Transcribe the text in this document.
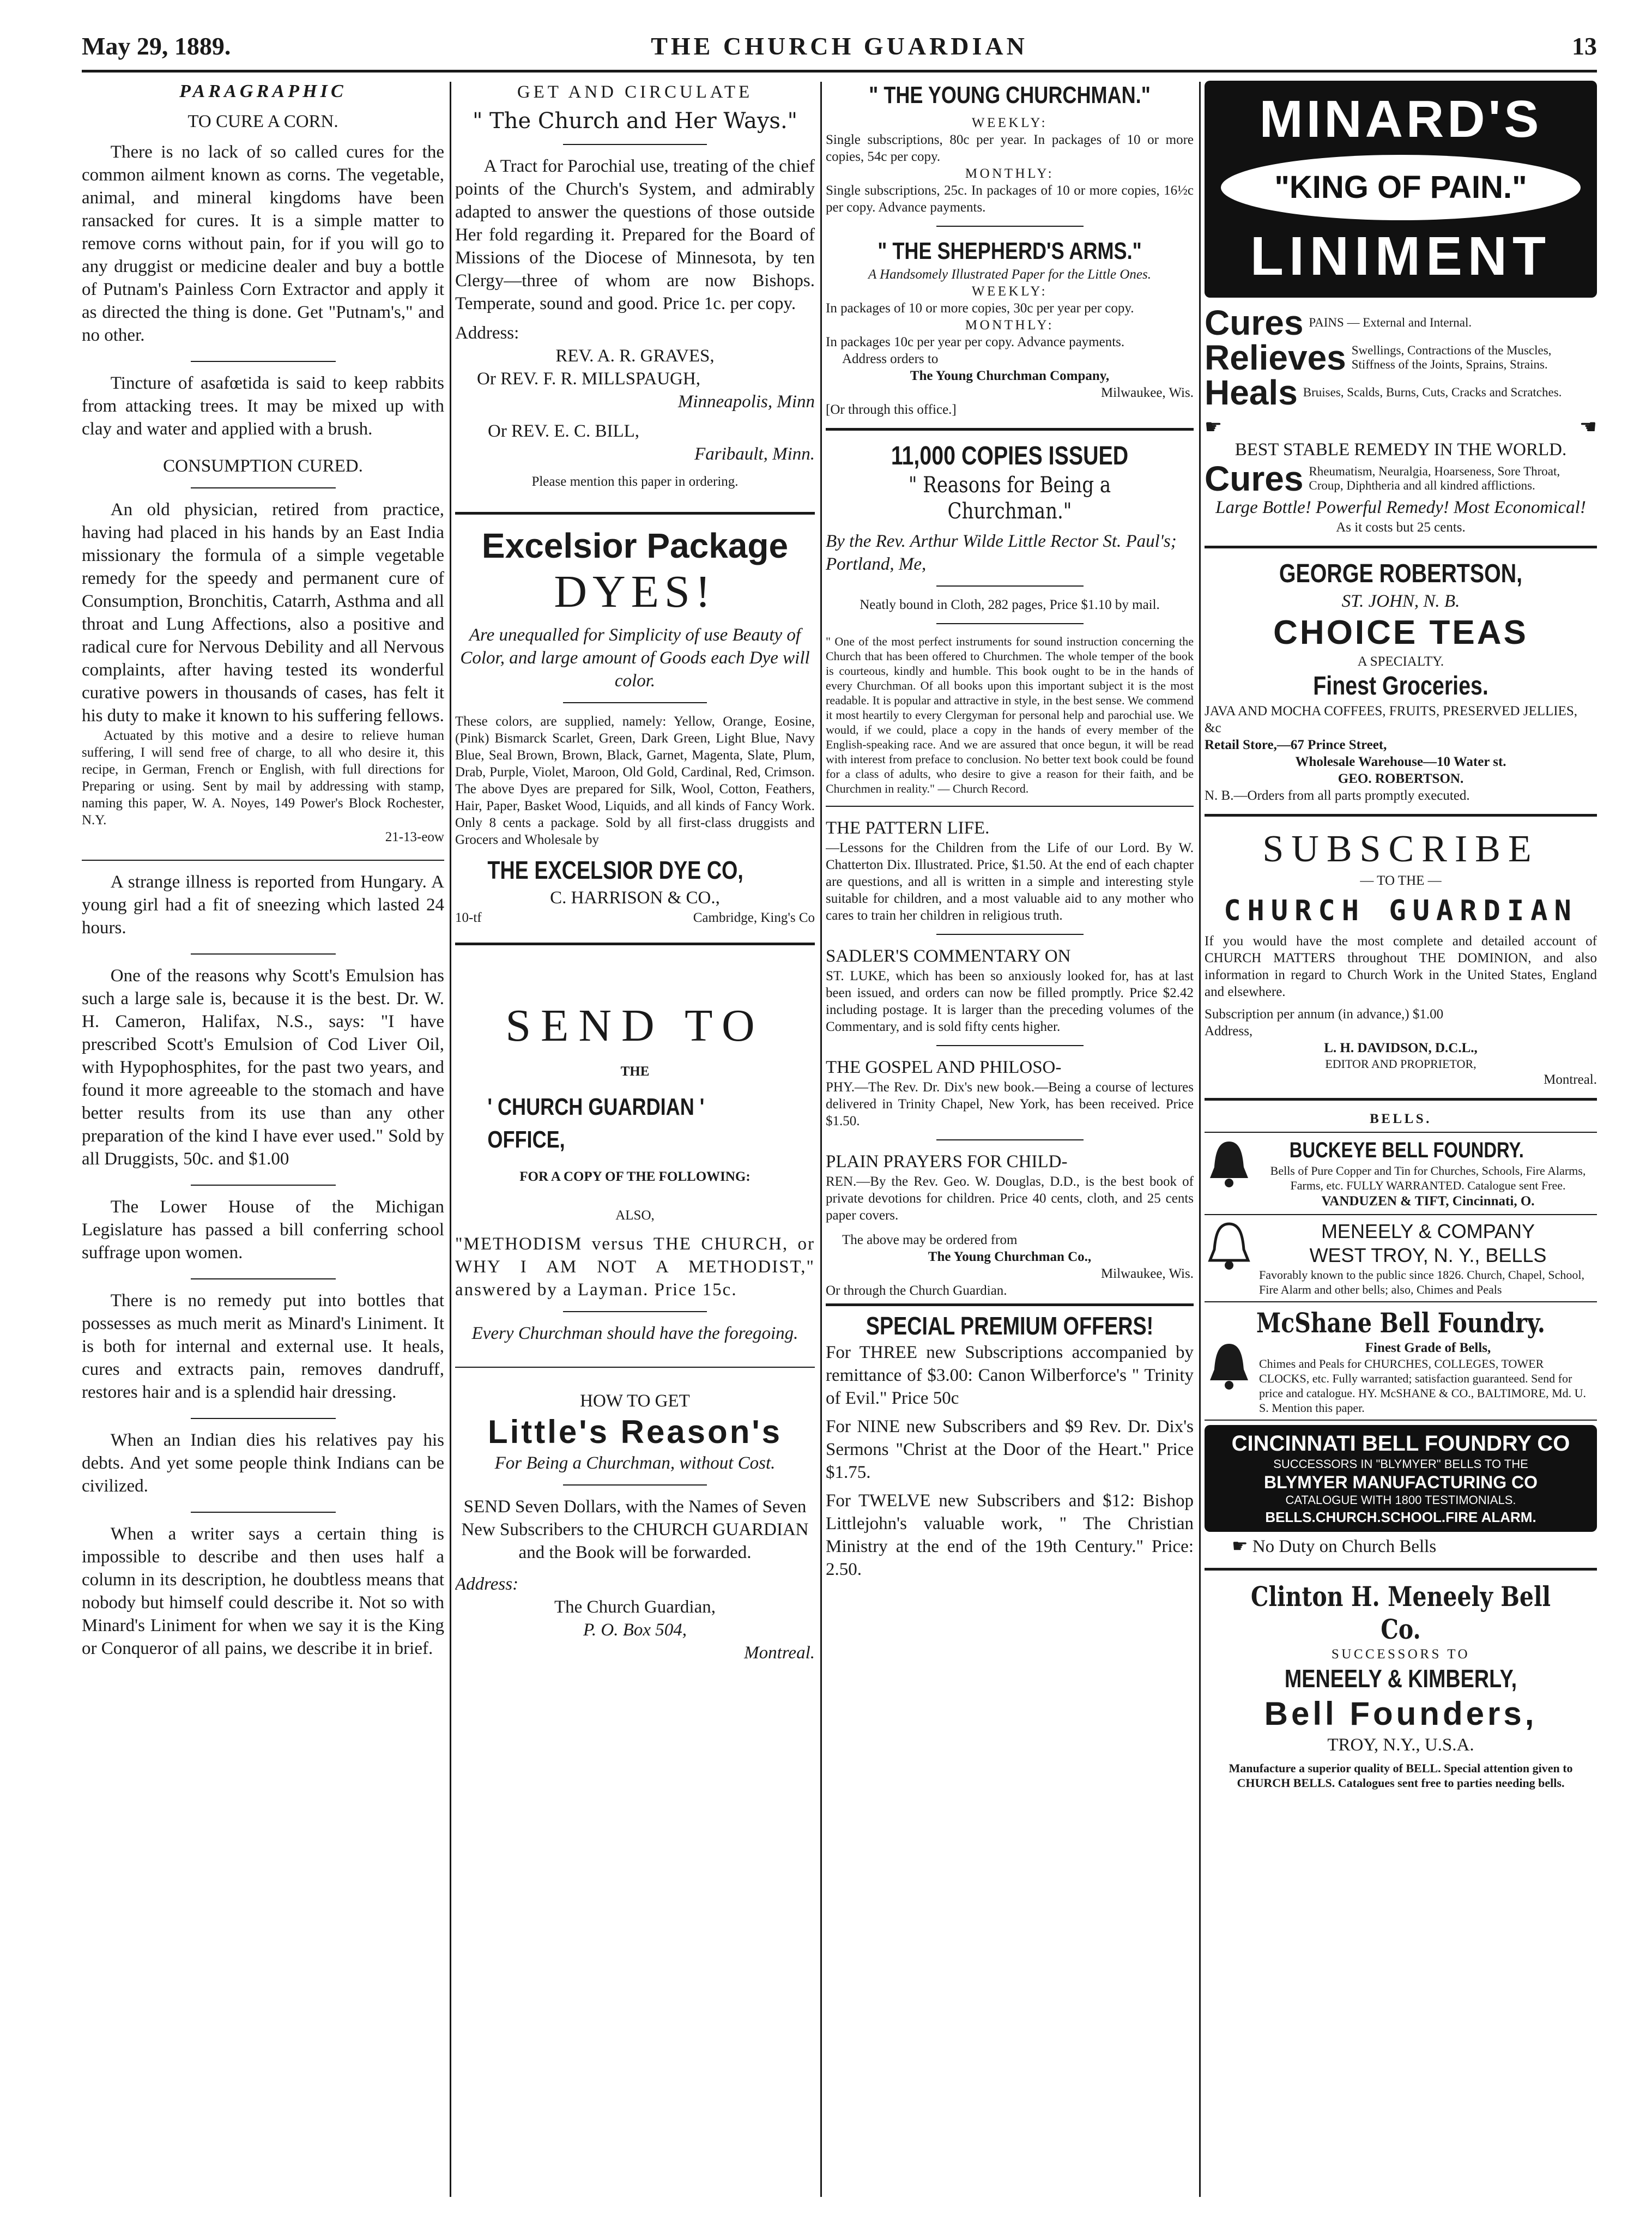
May 29, 1889.	THE CHURCH GUARDIAN	13
PARAGRAPHIC
TO CURE A CORN.
There is no lack of so called cures for the common ailment known as corns. The vegetable, animal, and mineral kingdoms have been ransacked for cures. It is a simple matter to remove corns without pain, for if you will go to any druggist or medicine dealer and buy a bottle of Putnam's Painless Corn Extractor and apply it as directed the thing is done. Get "Putnam's," and no other.
Tincture of asafœtida is said to keep rabbits from attacking trees. It may be mixed up with clay and water and applied with a brush.
CONSUMPTION CURED.
An old physician, retired from practice, having had placed in his hands by an East India missionary the formula of a simple vegetable remedy for the speedy and permanent cure of Consumption, Bronchitis, Catarrh, Asthma and all throat and Lung Affections, also a positive and radical cure for Nervous Debility and all Nervous complaints, after having tested its wonderful curative powers in thousands of cases, has felt it his duty to make it known to his suffering fellows.
Actuated by this motive and a desire to relieve human suffering, I will send free of charge, to all who desire it, this recipe, in German, French or English, with full directions for Preparing or using. Sent by mail by addressing with stamp, naming this paper, W. A. Noyes, 149 Power's Block Rochester, N.Y.
21-13-eow
A strange illness is reported from Hungary. A young girl had a fit of sneezing which lasted 24 hours.
One of the reasons why Scott's Emulsion has such a large sale is, because it is the best. Dr. W. H. Cameron, Halifax, N.S., says: "I have prescribed Scott's Emulsion of Cod Liver Oil, with Hypophosphites, for the past two years, and found it more agreeable to the stomach and have better results from its use than any other preparation of the kind I have ever used." Sold by all Druggists, 50c. and $1.00
The Lower House of the Michigan Legislature has passed a bill conferring school suffrage upon women.
There is no remedy put into bottles that possesses as much merit as Minard's Liniment. It is both for internal and external use. It heals, cures and extracts pain, removes dandruff, restores hair and is a splendid hair dressing.
When an Indian dies his relatives pay his debts. And yet some people think Indians can be civilized.
When a writer says a certain thing is impossible to describe and then uses half a column in its description, he doubtless means that nobody but himself could describe it. Not so with Minard's Liniment for when we say it is the King or Conqueror of all pains, we describe it in brief.
GET AND CIRCULATE
" The Church and Her Ways."
A Tract for Parochial use, treating of the chief points of the Church's System, and admirably adapted to answer the questions of those outside Her fold regarding it. Prepared for the Board of Missions of the Diocese of Minnesota, by ten Clergy—three of whom are now Bishops. Temperate, sound and good. Price 1c. per copy.
Address:
REV. A. R. GRAVES,
Or REV. F. R. MILLSPAUGH,
Minneapolis, Minn
Or REV. E. C. BILL,
Faribault, Minn.
Please mention this paper in ordering.
Excelsior Package
DYES!
Are unequalled for Simplicity of use Beauty of Color, and large amount of Goods each Dye will color.
These colors, are supplied, namely: Yellow, Orange, Eosine, (Pink) Bismarck Scarlet, Green, Dark Green, Light Blue, Navy Blue, Seal Brown, Brown, Black, Garnet, Magenta, Slate, Plum, Drab, Purple, Violet, Maroon, Old Gold, Cardinal, Red, Crimson. The above Dyes are prepared for Silk, Wool, Cotton, Feathers, Hair, Paper, Basket Wood, Liquids, and all kinds of Fancy Work. Only 8 cents a package. Sold by all first-class druggists and Grocers and Wholesale by
THE EXCELSIOR DYE CO,
C. HARRISON & CO.,
10-tf	Cambridge, King's Co
SEND TO
THE
' CHURCH GUARDIAN ' OFFICE,
FOR A COPY OF THE FOLLOWING:
ALSO,
"METHODISM versus THE CHURCH, or WHY I AM NOT A METHODIST," answered by a Layman. Price 15c.
Every Churchman should have the foregoing.
HOW TO GET
Little's Reason's
For Being a Churchman, without Cost.
SEND Seven Dollars, with the Names of Seven New Subscribers to the CHURCH GUARDIAN and the Book will be forwarded.
Address:
The Church Guardian,
P. O. Box 504,
Montreal.
" THE YOUNG CHURCHMAN."
WEEKLY:
Single subscriptions, 80c per year. In packages of 10 or more copies, 54c per copy.
MONTHLY:
Single subscriptions, 25c. In packages of 10 or more copies, 16½c per copy. Advance payments.
" THE SHEPHERD'S ARMS."
A Handsomely Illustrated Paper for the Little Ones.
WEEKLY:
In packages of 10 or more copies, 30c per year per copy.
MONTHLY:
In packages 10c per year per copy. Advance payments.
Address orders to
The Young Churchman Company,
Milwaukee, Wis.
[Or through this office.]
11,000 COPIES ISSUED
" Reasons for Being a Churchman."
By the Rev. Arthur Wilde Little Rector St. Paul's; Portland, Me,
Neatly bound in Cloth, 282 pages, Price $1.10 by mail.
" One of the most perfect instruments for sound instruction concerning the Church that has been offered to Churchmen. The whole temper of the book is courteous, kindly and humble. This book ought to be in the hands of every Churchman. Of all books upon this important subject it is the most readable. It is popular and attractive in style, in the best sense. We commend it most heartily to every Clergyman for personal help and parochial use. We would, if we could, place a copy in the hands of every member of the English-speaking race. And we are assured that once begun, it will be read with interest from preface to conclusion. No better text book could be found for a class of adults, who desire to give a reason for their faith, and be Churchmen in reality." — Church Record.
THE PATTERN LIFE.
—Lessons for the Children from the Life of our Lord. By W. Chatterton Dix. Illustrated. Price, $1.50. At the end of each chapter are questions, and all is written in a simple and interesting style suitable for children, and a most valuable aid to any mother who cares to train her children in religious truth.
SADLER'S COMMENTARY ON
ST. LUKE, which has been so anxiously looked for, has at last been issued, and orders can now be filled promptly. Price $2.42 including postage. It is larger than the preceding volumes of the Commentary, and is sold fifty cents higher.
THE GOSPEL AND PHILOSO-
PHY.—The Rev. Dr. Dix's new book.—Being a course of lectures delivered in Trinity Chapel, New York, has been received. Price $1.50.
PLAIN PRAYERS FOR CHILD-
REN.—By the Rev. Geo. W. Douglas, D.D., is the best book of private devotions for children. Price 40 cents, cloth, and 25 cents paper covers.
The above may be ordered from
The Young Churchman Co.,
Milwaukee, Wis.
Or through the Church Guardian.
SPECIAL PREMIUM OFFERS!
For THREE new Subscriptions accompanied by remittance of $3.00: Canon Wilberforce's " Trinity of Evil." Price 50c
For NINE new Subscribers and $9 Rev. Dr. Dix's Sermons "Christ at the Door of the Heart." Price $1.75.
For TWELVE new Subscribers and $12: Bishop Littlejohn's valuable work, " The Christian Ministry at the end of the 19th Century." Price: 2.50.
MINARD'S
"KING OF PAIN."
LINIMENT
Cures PAINS — External and Internal.
Relieves Swellings, Contractions of the Muscles, Stiffness of the Joints, Sprains, Strains.
Heals Bruises, Scalds, Burns, Cuts, Cracks and Scratches.
☛	☚
BEST STABLE REMEDY IN THE WORLD.
Cures Rheumatism, Neuralgia, Hoarseness, Sore Throat, Croup, Diphtheria and all kindred afflictions.
Large Bottle! Powerful Remedy! Most Economical!
As it costs but 25 cents.
GEORGE ROBERTSON,
ST. JOHN, N. B.
CHOICE TEAS
A SPECIALTY.
Finest Groceries.
JAVA AND MOCHA COFFEES, FRUITS, PRESERVED JELLIES, &c
Retail Store,—67 Prince Street,
Wholesale Warehouse—10 Water st.
GEO. ROBERTSON.
N. B.—Orders from all parts promptly executed.
SUBSCRIBE
— TO THE —
CHURCH GUARDIAN
If you would have the most complete and detailed account of CHURCH MATTERS throughout THE DOMINION, and also information in regard to Church Work in the United States, England and elsewhere.
Subscription per annum (in advance,) $1.00
Address,
L. H. DAVIDSON, D.C.L.,
EDITOR AND PROPRIETOR,
Montreal.
BELLS.
BUCKEYE BELL FOUNDRY.
Bells of Pure Copper and Tin for Churches, Schools, Fire Alarms, Farms, etc. FULLY WARRANTED. Catalogue sent Free.
VANDUZEN & TIFT, Cincinnati, O.
MENEELY & COMPANY
WEST TROY, N. Y., BELLS
Favorably known to the public since 1826. Church, Chapel, School, Fire Alarm and other bells; also, Chimes and Peals
McShane Bell Foundry.
Finest Grade of Bells,
Chimes and Peals for CHURCHES, COLLEGES, TOWER CLOCKS, etc. Fully warranted; satisfaction guaranteed. Send for price and catalogue. HY. McSHANE & CO., BALTIMORE, Md. U. S. Mention this paper.
CINCINNATI BELL FOUNDRY CO
SUCCESSORS IN "BLYMYER" BELLS TO THE
BLYMYER MANUFACTURING CO
CATALOGUE WITH 1800 TESTIMONIALS.
BELLS.CHURCH.SCHOOL.FIRE ALARM.
☛ No Duty on Church Bells
Clinton H. Meneely Bell Co.
SUCCESSORS TO
MENEELY & KIMBERLY,
Bell Founders,
TROY, N.Y., U.S.A.
Manufacture a superior quality of BELL. Special attention given to CHURCH BELLS. Catalogues sent free to parties needing bells.
